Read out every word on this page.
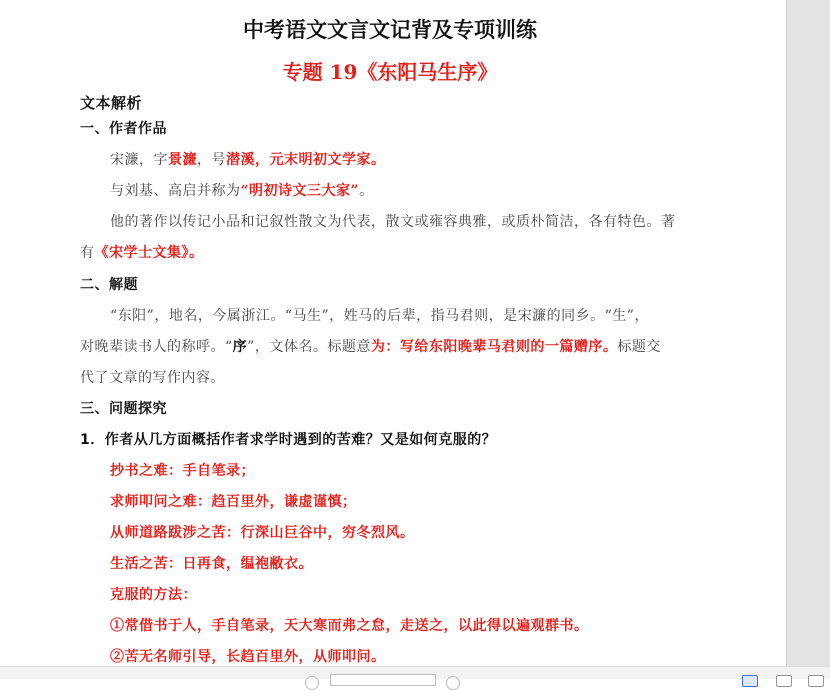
中考语文文言文记背及专项训练
专题 19《东阳马生序》
文本解析
一、作者作品
宋濂，字景濂，号潜溪，元末明初文学家。
与刘基、高启并称为“明初诗文三大家”。
他的著作以传记小品和记叙性散文为代表，散文或雍容典雅，或质朴简洁，各有特色。著
有《宋学士文集》。
二、解题
“东阳”，地名，今属浙江。“马生”，姓马的后辈，指马君则，是宋濂的同乡。“生”，
对晚辈读书人的称呼。“序”，文体名。标题意为：写给东阳晚辈马君则的一篇赠序。标题交
代了文章的写作内容。
三、问题探究
1．作者从几方面概括作者求学时遇到的苦难？又是如何克服的？
抄书之难：手自笔录；
求师叩问之难：趋百里外，谦虚谨慎；
从师道路跋涉之苦：行深山巨谷中，穷冬烈风。
生活之苦：日再食，缊袍敝衣。
克服的方法：
①常借书于人，手自笔录，天大寒而弗之怠，走送之，以此得以遍观群书。
②苦无名师引导，长趋百里外，从师叩问。
